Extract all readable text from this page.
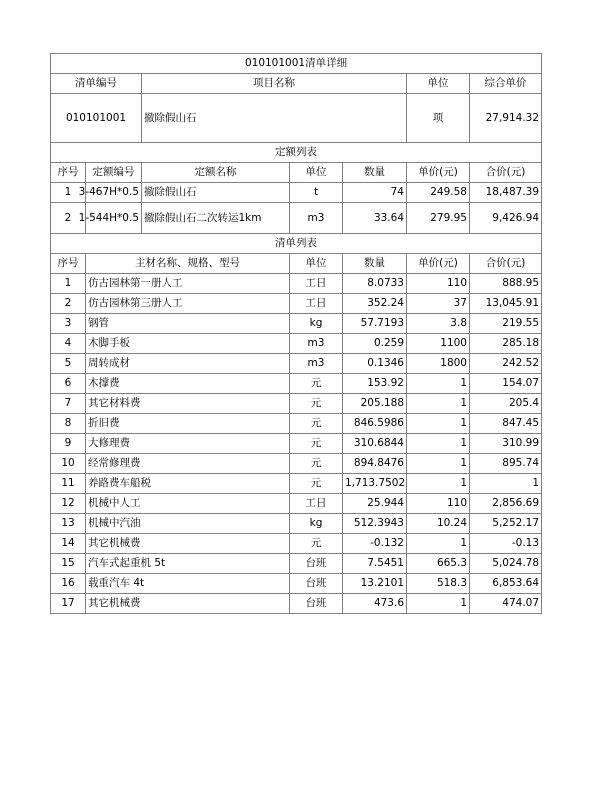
010101001清单详细						
清单编号		项目名称			单位	综合单价
010101001		撤除假山石			项	27,914.32
定额列表						
序号	定额编号	定额名称	单位	数量	单价(元)	合价(元)
1	3-467H*0.5	撤除假山石	t	74	249.58	18,487.39
2	1-544H*0.5	撤除假山石二次转运1km	m3	33.64	279.95	9,426.94
清单列表						
序号	主材名称、规格、型号		单位	数量	单价(元)	合价(元)
1	仿古园林第一册人工		工日	8.0733	110	888.95
2	仿古园林第三册人工		工日	352.24	37	13,045.91
3	钢管		kg	57.7193	3.8	219.55
4	木脚手板		m3	0.259	1100	285.18
5	周转成材		m3	0.1346	1800	242.52
6	木撑费		元	153.92	1	154.07
7	其它材料费		元	205.188	1	205.4
8	折旧费		元	846.5986	1	847.45
9	大修理费		元	310.6844	1	310.99
10	经常修理费		元	894.8476	1	895.74
11	养路费车船税		元	1,713.7502	1	1
12	机械中人工		工日	25.944	110	2,856.69
13	机械中汽油		kg	512.3943	10.24	5,252.17
14	其它机械费		元	-0.132	1	-0.13
15	汽车式起重机 5t		台班	7.5451	665.3	5,024.78
16	载重汽车 4t		台班	13.2101	518.3	6,853.64
17	其它机械费		台班	473.6	1	474.07
